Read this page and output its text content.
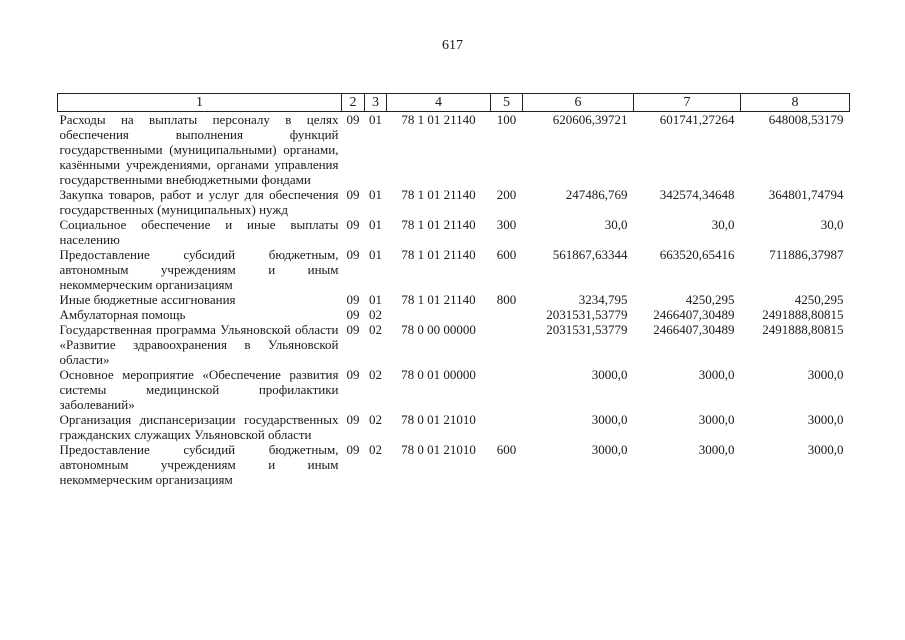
617
1	2	3	4	5	6	7	8
Расходы на выплаты персоналу в целях обеспечения выполнения функций государственными (муниципальными) органами, казёнными учреждениями, органами управления государственными внебюджетными фондами	09	01	78 1 01 21140	100	620606,39721	601741,27264	648008,53179
Закупка товаров, работ и услуг для обеспечения государственных (муниципальных) нужд	09	01	78 1 01 21140	200	247486,769	342574,34648	364801,74794
Социальное обеспечение и иные выплаты населению	09	01	78 1 01 21140	300	30,0	30,0	30,0
Предоставление субсидий бюджетным, автономным учреждениям и иным некоммерческим организациям	09	01	78 1 01 21140	600	561867,63344	663520,65416	711886,37987
Иные бюджетные ассигнования	09	01	78 1 01 21140	800	3234,795	4250,295	4250,295
Амбулаторная помощь	09	02			2031531,53779	2466407,30489	2491888,80815
Государственная программа Ульяновской области «Развитие здравоохранения в Ульяновской области»	09	02	78 0 00 00000		2031531,53779	2466407,30489	2491888,80815
Основное мероприятие «Обеспечение развития системы медицинской профилактики заболеваний»	09	02	78 0 01 00000		3000,0	3000,0	3000,0
Организация диспансеризации государственных гражданских служащих Ульяновской области	09	02	78 0 01 21010		3000,0	3000,0	3000,0
Предоставление субсидий бюджетным, автономным учреждениям и иным некоммерческим организациям	09	02	78 0 01 21010	600	3000,0	3000,0	3000,0
